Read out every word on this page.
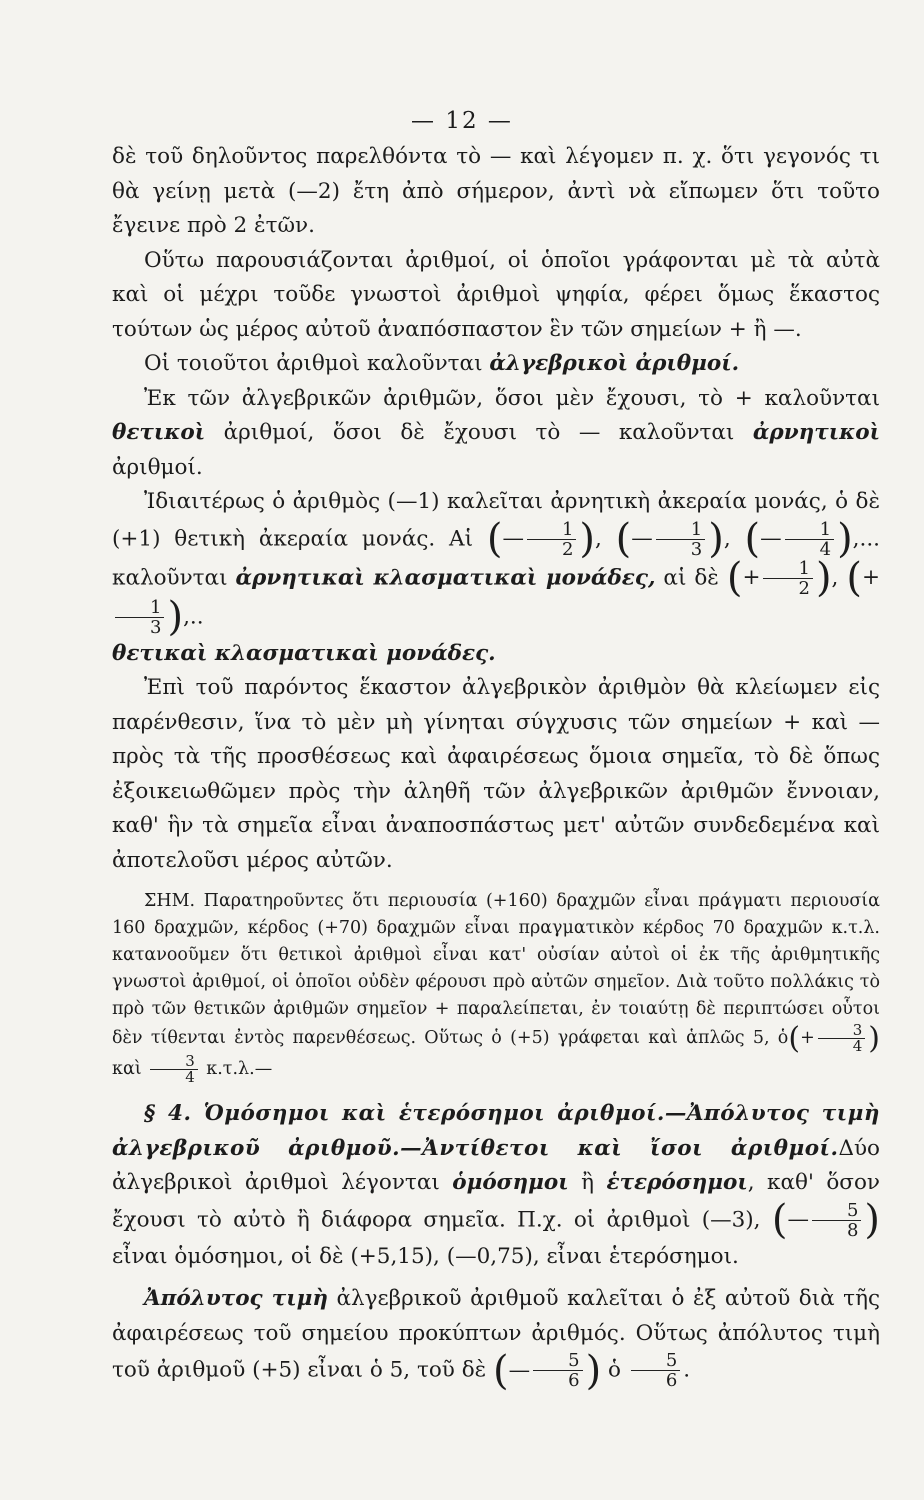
— 12 —

δὲ τοῦ δηλοῦντος παρελθόντα τὸ — καὶ λέγομεν π. χ. ὅτι γεγονός τι θὰ γείνῃ μετὰ (—2) ἔτη ἀπὸ σήμερον, ἀντὶ νὰ εἴπωμεν ὅτι τοῦτο ἔγεινε πρὸ 2 ἐτῶν.

Οὕτω παρουσιάζονται ἀριθμοί, οἱ ὁποῖοι γράφονται μὲ τὰ αὐτὰ καὶ οἱ μέχρι τοῦδε γνωστοὶ ἀριθμοὶ ψηφία, φέρει ὅμως ἕκαστος τούτων ὡς μέρος αὐτοῦ ἀναπόσπαστον ἓν τῶν σημείων + ἢ —.

Οἱ τοιοῦτοι ἀριθμοὶ καλοῦνται ἀλγεβρικοὶ ἀριθμοί.

Ἐκ τῶν ἀλγεβρικῶν ἀριθμῶν, ὅσοι μὲν ἔχουσι, τὸ + καλοῦνται θετικοὶ ἀριθμοί, ὅσοι δὲ ἔχουσι τὸ — καλοῦνται ἀρνητικοὶ ἀριθμοί.

Ἰδιαιτέρως ὁ ἀριθμὸς (—1) καλεῖται ἀρνητικὴ ἀκεραία μονάς, ὁ δὲ (+1) θετικὴ ἀκεραία μονάς. Αἱ (— $\frac{1}{2}$ ), (— $\frac{1}{3}$ ), (— $\frac{1}{4}$ ),... καλοῦνται ἀρνητικαὶ κλασματικαὶ μονάδες, αἱ δὲ (+ $\frac{1}{2}$ ), (+
$\frac{1}{3}$ ),..
θετικαὶ κλασματικαὶ μονάδες.

Ἐπὶ τοῦ παρόντος ἕκαστον ἀλγεβρικὸν ἀριθμὸν θὰ κλείωμεν εἰς παρένθεσιν, ἵνα τὸ μὲν μὴ γίνηται σύγχυσις τῶν σημείων + καὶ — πρὸς τὰ τῆς προσθέσεως καὶ ἀφαιρέσεως ὅμοια σημεῖα, τὸ δὲ ὅπως ἐξοικειωθῶμεν πρὸς τὴν ἀληθῆ τῶν ἀλγεβρικῶν ἀριθμῶν ἔννοιαν, καθ' ἣν τὰ σημεῖα εἶναι ἀναποσπάστως μετ' αὐτῶν συνδεδεμένα καὶ ἀποτελοῦσι μέρος αὐτῶν.

ΣΗΜ. Παρατηροῦντες ὅτι περιουσία (+160) δραχμῶν εἶναι πράγματι περιουσία 160 δραχμῶν, κέρδος (+70) δραχμῶν εἶναι πραγματικὸν κέρδος 70 δραχμῶν κ.τ.λ. κατανοοῦμεν ὅτι θετικοὶ ἀριθμοὶ εἶναι κατ' οὐσίαν αὐτοὶ οἱ ἐκ τῆς ἀριθμητικῆς γνωστοὶ ἀριθμοί, οἱ ὁποῖοι οὐδὲν φέρουσι πρὸ αὐτῶν σημεῖον. Διὰ τοῦτο πολλάκις τὸ πρὸ τῶν θετικῶν ἀριθμῶν σημεῖον + παραλείπεται, ἐν τοιαύτῃ δὲ περιπτώσει οὗτοι δὲν τίθενται ἐντὸς παρενθέσεως. Οὕτως ὁ (+5) γράφεται καὶ ἁπλῶς 5, ὁ(+ $\frac{3}{4}$ ) καὶ $\frac{3}{4}$ κ.τ.λ.—

§ 4. Ὁμόσημοι καὶ ἑτερόσημοι ἀριθμοί.—Ἀπόλυτος τιμὴ ἀλγεβρικοῦ ἀριθμοῦ.—Ἀντίθετοι καὶ ἴσοι ἀριθμοί.Δύο ἀλγεβρικοὶ ἀριθμοὶ λέγονται ὁμόσημοι ἢ ἑτερόσημοι, καθ' ὅσον ἔχουσι τὸ αὐτὸ ἢ διάφορα σημεῖα. Π.χ. οἱ ἀριθμοὶ (—3), (— $\frac{5}{8}$ ) εἶναι ὁμόσημοι, οἱ δὲ (+5,15), (—0,75), εἶναι ἑτερόσημοι.

Ἀπόλυτος τιμὴ ἀλγεβρικοῦ ἀριθμοῦ καλεῖται ὁ ἐξ αὐτοῦ διὰ τῆς ἀφαιρέσεως τοῦ σημείου προκύπτων ἀριθμός. Οὕτως ἀπόλυτος τιμὴ τοῦ ἀριθμοῦ (+5) εἶναι ὁ 5, τοῦ δὲ (— $\frac{5}{6}$ ) ὁ $\frac{5}{6}$ .
